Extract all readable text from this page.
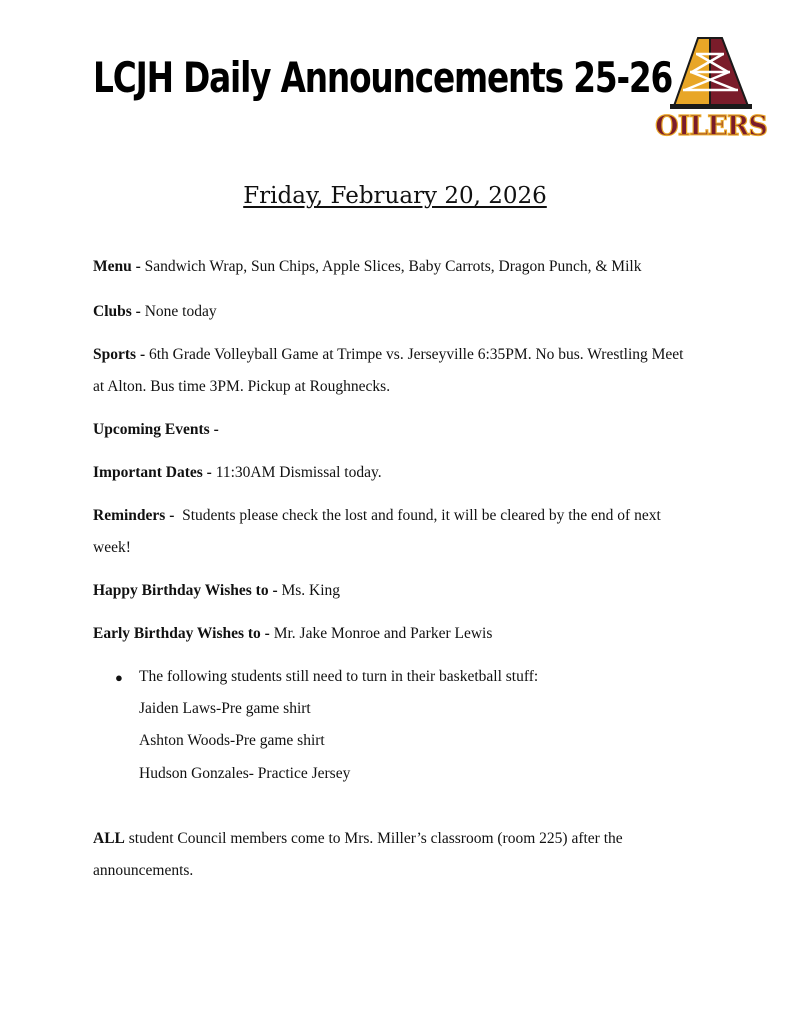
LCJH Daily Announcements 25-26
OILERS
Friday, February 20, 2026
Menu - Sandwich Wrap, Sun Chips, Apple Slices, Baby Carrots, Dragon Punch, & Milk
Clubs - None today
Sports - 6th Grade Volleyball Game at Trimpe vs. Jerseyville 6:35PM. No bus. Wrestling Meet
at Alton. Bus time 3PM. Pickup at Roughnecks.
Upcoming Events -
Important Dates - 11:30AM Dismissal today.
Reminders -  Students please check the lost and found, it will be cleared by the end of next
week!
Happy Birthday Wishes to - Ms. King
Early Birthday Wishes to - Mr. Jake Monroe and Parker Lewis
● The following students still need to turn in their basketball stuff:
Jaiden Laws-Pre game shirt
Ashton Woods-Pre game shirt
Hudson Gonzales- Practice Jersey
ALL student Council members come to Mrs. Miller’s classroom (room 225) after the
announcements.
